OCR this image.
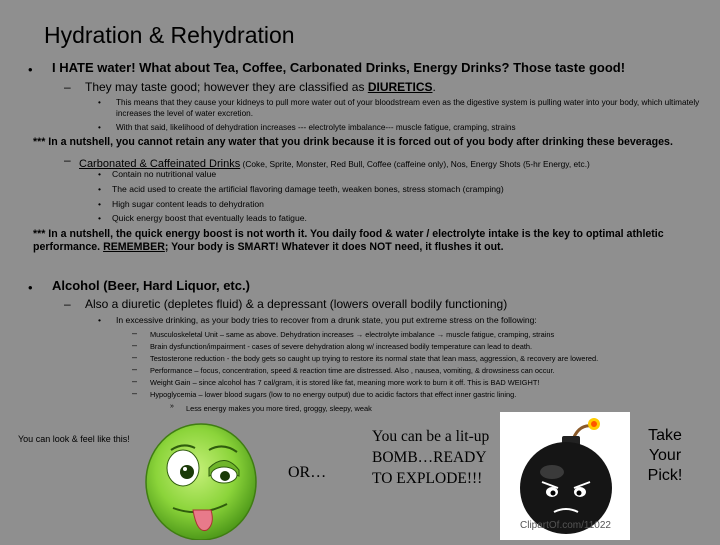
Hydration & Rehydration
• I HATE water! What about Tea, Coffee, Carbonated Drinks, Energy Drinks? Those taste good!
– They may taste good; however they are classified as DIURETICS.
• This means that they cause your kidneys to pull more water out of your bloodstream even as the digestive system is pulling water into your body, which ultimately increases the level of water excretion.
• With that said, likelihood of dehydration increases --- electrolyte imbalance--- muscle fatigue, cramping, strains
*** In a nutshell, you cannot retain any water that you drink because it is forced out of you body after drinking these beverages.
– Carbonated & Caffeinated Drinks (Coke, Sprite, Monster, Red Bull, Coffee (caffeine only), Nos, Energy Shots (5-hr Energy, etc.)
• Contain no nutritional value
• The acid used to create the artificial flavoring damage teeth, weaken bones, stress stomach (cramping)
• High sugar content leads to dehydration
• Quick energy boost that eventually leads to fatigue.
*** In a nutshell, the quick energy boost is not worth it. You daily food & water / electrolyte intake is the key to optimal athletic
performance. REMEMBER; Your body is SMART! Whatever it does NOT need, it flushes it out.
• Alcohol (Beer, Hard Liquor, etc.)
– Also a diuretic (depletes fluid) & a depressant (lowers overall bodily functioning)
• In excessive drinking, as your body tries to recover from a drunk state, you put extreme stress on the following:
– Musculoskeletal Unit – same as above. Dehydration increases → electrolyte imbalance → muscle fatigue, cramping, strains
– Brain dysfunction/impairment - cases of severe dehydration along w/ increased bodily temperature can lead to death.
– Testosterone reduction - the body gets so caught up trying to restore its normal state that lean mass, aggression, & recovery are lowered.
– Performance – focus, concentration, speed & reaction time are distressed. Also , nausea, vomiting, & drowsiness can occur.
– Weight Gain – since alcohol has 7 cal/gram, it is stored like fat, meaning more work to burn it off. This is BAD WEIGHT!
– Hypoglycemia – lower blood sugars (low to no energy output) due to acidic factors that effect inner gastric lining.
» Less energy makes you more tired, groggy, sleepy, weak
You can look & feel like this!
OR…
You can be a lit-up BOMB…READY TO EXPLODE!!!
ClipartOf.com/11022
Take Your Pick!
